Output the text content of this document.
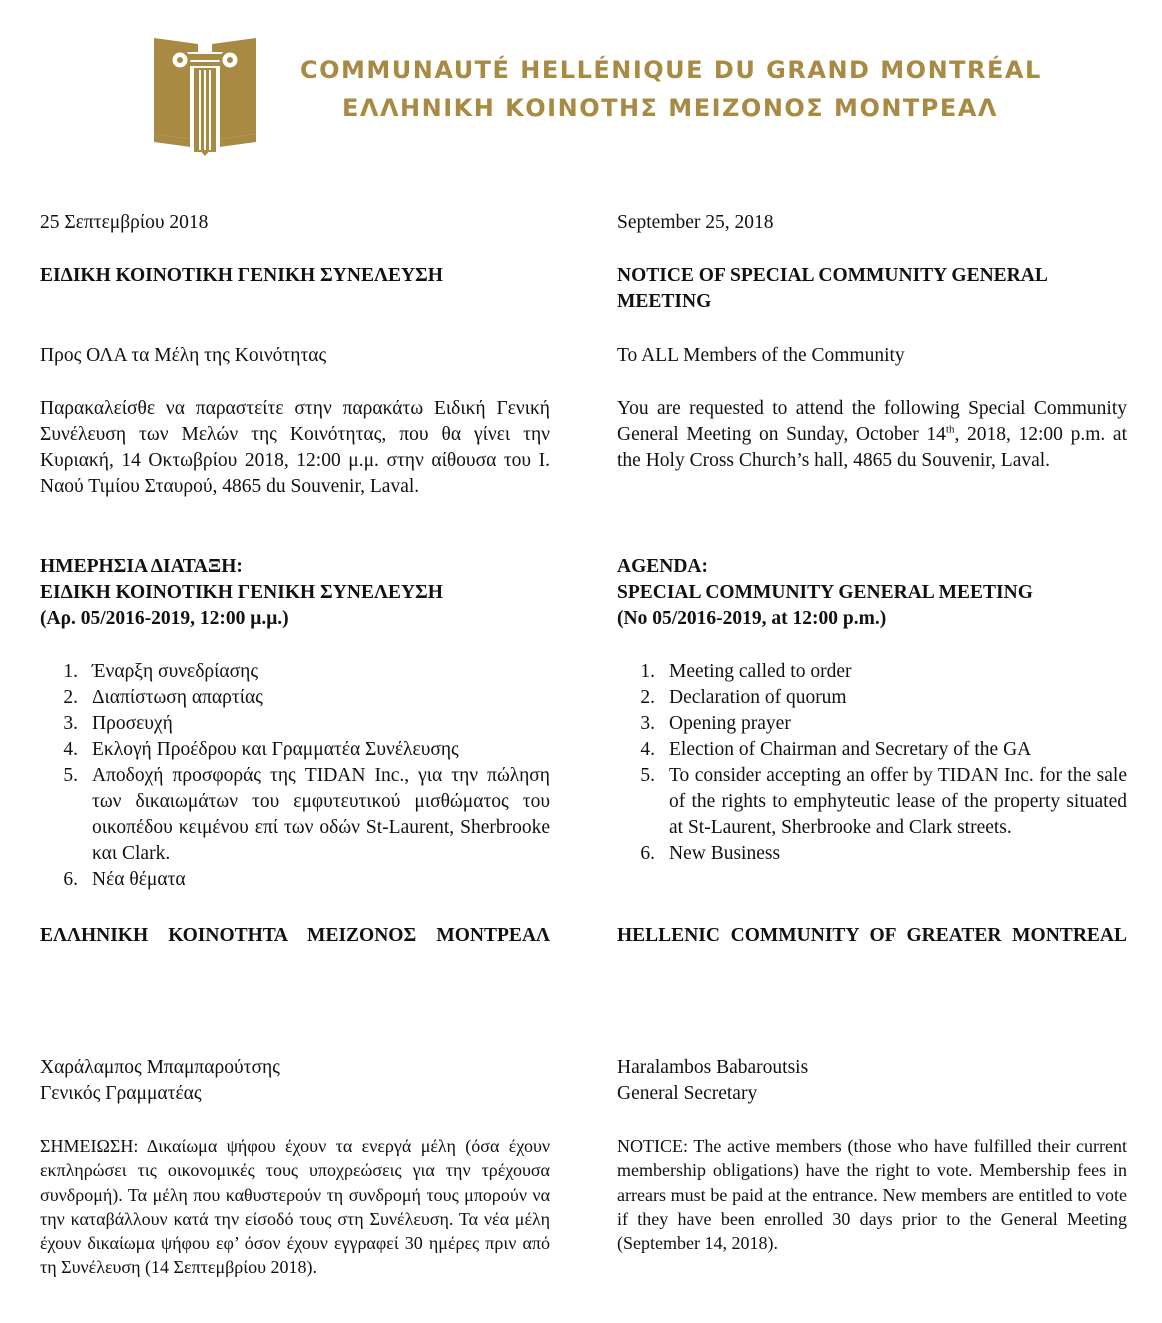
COMMUNAUTÉ HELLÉNIQUE DU GRAND MONTRÉAL
ΕΛΛΗΝΙΚΗ ΚΟΙΝΟΤΗΣ ΜΕΙΖΟΝΟΣ ΜΟΝΤΡΕΑΛ
25 Σεπτεμβρίου 2018
ΕΙΔΙΚΗ ΚΟΙΝΟΤΙΚΗ ΓΕΝΙΚΗ ΣΥΝΕΛΕΥΣΗ
Προς ΟΛΑ τα Μέλη της Κοινότητας
Παρακαλείσθε να παραστείτε στην παρακάτω Ειδική Γενική Συνέλευση των Μελών της Κοινότητας, που θα γίνει την Κυριακή, 14 Οκτωβρίου 2018, 12:00 μ.μ. στην αίθουσα του Ι. Ναού Τιμίου Σταυρού, 4865 du Souvenir, Laval.
ΗΜΕΡΗΣΙΑ ΔΙΑΤΑΞΗ:
ΕΙΔΙΚΗ ΚΟΙΝΟΤΙΚΗ ΓΕΝΙΚΗ ΣΥΝΕΛΕΥΣΗ
(Αρ. 05/2016-2019, 12:00 μ.μ.)
1. Έναρξη συνεδρίασης
2. Διαπίστωση απαρτίας
3. Προσευχή
4. Εκλογή Προέδρου και Γραμματέα Συνέλευσης
5. Αποδοχή προσφοράς της TIDAN Inc., για την πώληση των δικαιωμάτων του εμφυτευτικού μισθώματος του οικοπέδου κειμένου επί των οδών St-Laurent, Sherbrooke και Clark.
6. Νέα θέματα
ΕΛΛΗΝΙΚΗ ΚΟΙΝΟΤΗΤΑ ΜΕΙΖΟΝΟΣ ΜΟΝΤΡΕΑΛ
Χαράλαμπος Μπαμπαρούτσης
Γενικός Γραμματέας
ΣΗΜΕΙΩΣΗ: Δικαίωμα ψήφου έχουν τα ενεργά μέλη (όσα έχουν εκπληρώσει τις οικονομικές τους υποχρεώσεις για την τρέχουσα συνδρομή). Τα μέλη που καθυστερούν τη συνδρομή τους μπορούν να την καταβάλλουν κατά την είσοδό τους στη Συνέλευση. Τα νέα μέλη έχουν δικαίωμα ψήφου εφ’ όσον έχουν εγγραφεί 30 ημέρες πριν από τη Συνέλευση (14 Σεπτεμβρίου 2018).
September 25, 2018
NOTICE OF SPECIAL COMMUNITY GENERAL MEETING
To ALL Members of the Community
You are requested to attend the following Special Community General Meeting on Sunday, October 14th, 2018, 12:00 p.m. at the Holy Cross Church’s hall, 4865 du Souvenir, Laval.
AGENDA:
SPECIAL COMMUNITY GENERAL MEETING
(No 05/2016-2019, at 12:00 p.m.)
1. Meeting called to order
2. Declaration of quorum
3. Opening prayer
4. Election of Chairman and Secretary of the GA
5. To consider accepting an offer by TIDAN Inc. for the sale of the rights to emphyteutic lease of the property situated at St-Laurent, Sherbrooke and Clark streets.
6. New Business
HELLENIC COMMUNITY OF GREATER MONTREAL
Haralambos Babaroutsis
General Secretary
NOTICE: The active members (those who have fulfilled their current membership obligations) have the right to vote. Membership fees in arrears must be paid at the entrance. New members are entitled to vote if they have been enrolled 30 days prior to the General Meeting (September 14, 2018).
